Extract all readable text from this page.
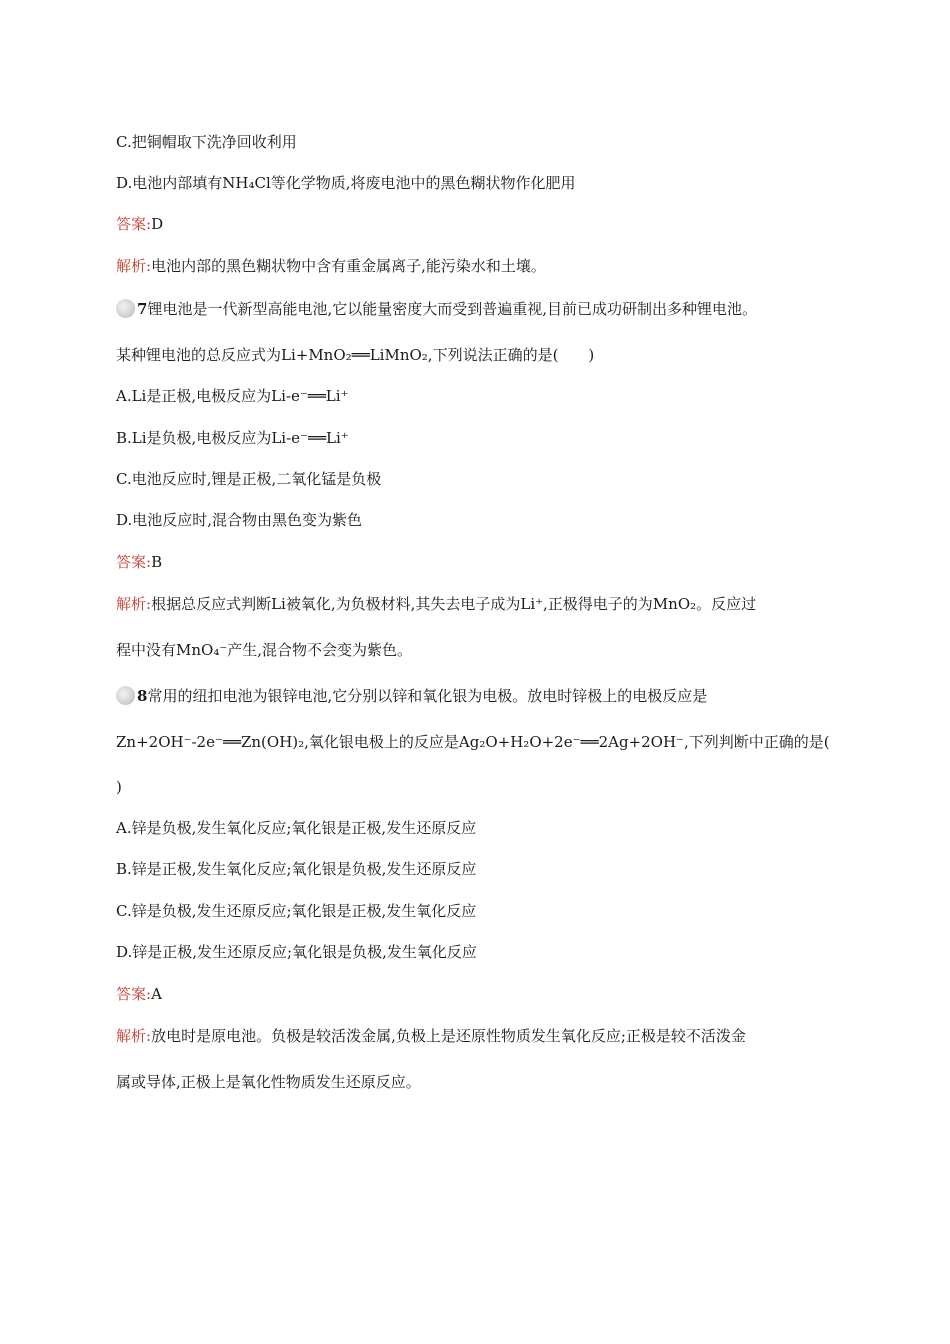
C.把铜帽取下洗净回收利用
D.电池内部填有NH₄Cl等化学物质,将废电池中的黑色糊状物作化肥用
答案:D
解析:电池内部的黑色糊状物中含有重金属离子,能污染水和土壤。
7锂电池是一代新型高能电池,它以能量密度大而受到普遍重视,目前已成功研制出多种锂电池。
某种锂电池的总反应式为Li+MnO₂══LiMnO₂,下列说法正确的是(　　)
A.Li是正极,电极反应为Li-e⁻══Li⁺
B.Li是负极,电极反应为Li-e⁻══Li⁺
C.电池反应时,锂是正极,二氧化锰是负极
D.电池反应时,混合物由黑色变为紫色
答案:B
解析:根据总反应式判断Li被氧化,为负极材料,其失去电子成为Li⁺,正极得电子的为MnO₂。反应过
程中没有MnO₄⁻产生,混合物不会变为紫色。
8常用的纽扣电池为银锌电池,它分别以锌和氧化银为电极。放电时锌极上的电极反应是
Zn+2OH⁻-2e⁻══Zn(OH)₂,氧化银电极上的反应是Ag₂O+H₂O+2e⁻══2Ag+2OH⁻,下列判断中正确的是(
)
A.锌是负极,发生氧化反应;氧化银是正极,发生还原反应
B.锌是正极,发生氧化反应;氧化银是负极,发生还原反应
C.锌是负极,发生还原反应;氧化银是正极,发生氧化反应
D.锌是正极,发生还原反应;氧化银是负极,发生氧化反应
答案:A
解析:放电时是原电池。负极是较活泼金属,负极上是还原性物质发生氧化反应;正极是较不活泼金
属或导体,正极上是氧化性物质发生还原反应。
